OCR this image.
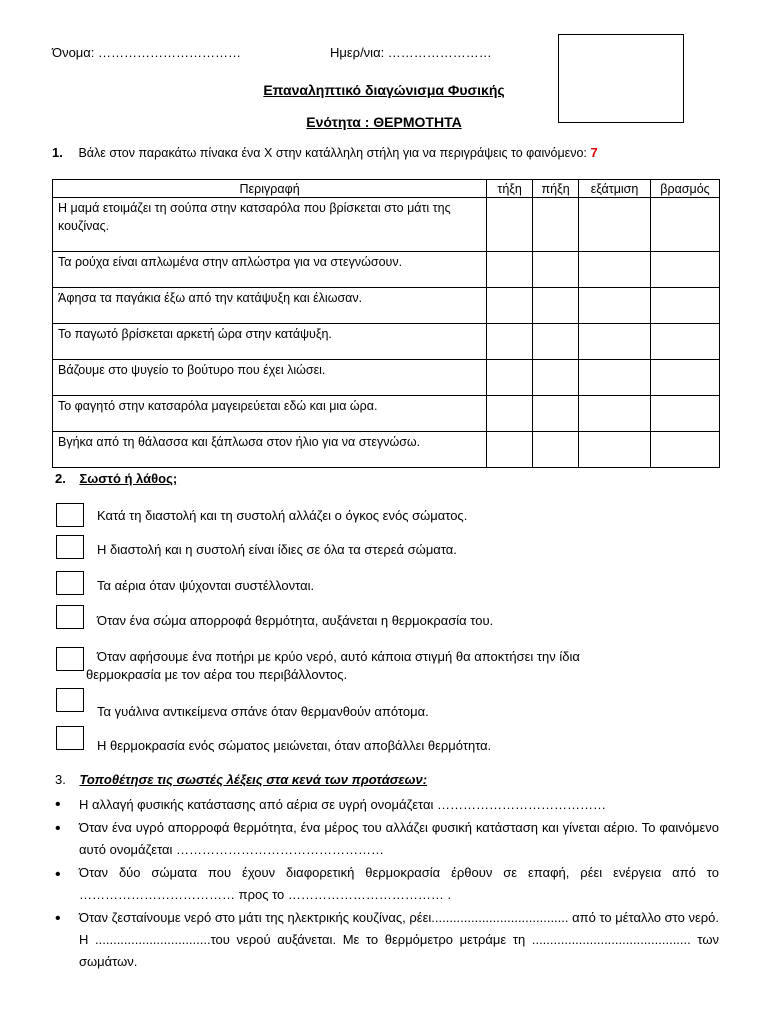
Όνομα: ……………………………	Ημερ/νια: ……………………
Επαναληπτικό διαγώνισμα Φυσικής
Ενότητα : ΘΕΡΜΟΤΗΤΑ
1. Βάλε στον παρακάτω πίνακα ένα Χ στην κατάλληλη στήλη για να περιγράψεις το φαινόμενο: 7
Περιγραφή	τήξη	πήξη	εξάτμιση	βρασμός
Η μαμά ετοιμάζει τη σούπα στην κατσαρόλα που βρίσκεται στο μάτι της κουζίνας.				
Τα ρούχα είναι απλωμένα στην απλώστρα για να στεγνώσουν.				
Άφησα τα παγάκια έξω από την κατάψυξη και έλιωσαν.				
Το παγωτό βρίσκεται αρκετή ώρα στην κατάψυξη.				
Βάζουμε στο ψυγείο το βούτυρο που έχει λιώσει.				
Το φαγητό στην κατσαρόλα μαγειρεύεται εδώ και μια ώρα.				
Βγήκα από τη θάλασσα και ξάπλωσα στον ήλιο για να στεγνώσω.				
2. Σωστό ή λάθος;
Κατά τη διαστολή και τη συστολή αλλάζει ο όγκος ενός σώματος.
Η διαστολή και η συστολή είναι ίδιες σε όλα τα στερεά σώματα.
Τα αέρια όταν ψύχονται συστέλλονται.
Όταν ένα σώμα απορροφά θερμότητα, αυξάνεται η θερμοκρασία του.
Όταν αφήσουμε ένα ποτήρι με κρύο νερό, αυτό κάποια στιγμή θα αποκτήσει την ίδια
θερμοκρασία με τον αέρα του περιβάλλοντος.
Τα γυάλινα αντικείμενα σπάνε όταν θερμανθούν απότομα.
Η θερμοκρασία ενός σώματος μειώνεται, όταν αποβάλλει θερμότητα.
3. Τοποθέτησε τις σωστές λέξεις στα κενά των προτάσεων:
• Η αλλαγή φυσικής κατάστασης από αέρια σε υγρή ονομάζεται …………………………………
• Όταν ένα υγρό απορροφά θερμότητα, ένα μέρος του αλλάζει φυσική κατάσταση και γίνεται αέριο. Το φαινόμενο αυτό ονομάζεται …………………………………………
• Όταν δύο σώματα που έχουν διαφορετική θερμοκρασία έρθουν σε επαφή, ρέει ενέργεια από το ……………………………… προς το ……………………………… .
• Όταν ζεσταίνουμε νερό στο μάτι της ηλεκτρικής κουζίνας, ρέει...................................... από το μέταλλο στο νερό. Η ................................του νερού αυξάνεται. Με το θερμόμετρο μετράμε τη ............................................ των σωμάτων.
